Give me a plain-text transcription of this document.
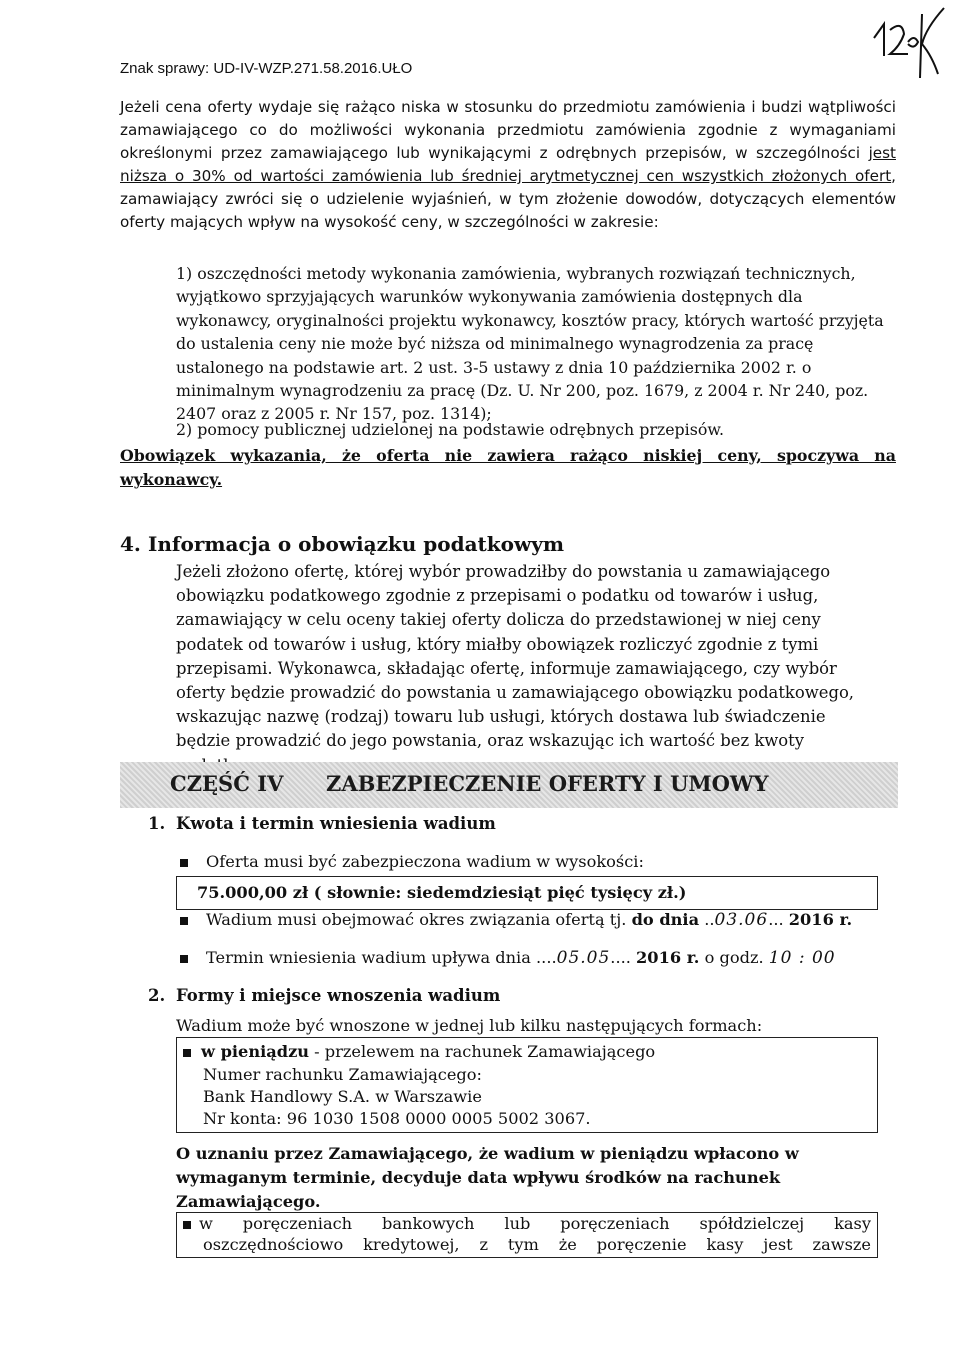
Znak sprawy: UD-IV-WZP.271.58.2016.UŁO
Jeżeli cena oferty wydaje się rażąco niska w stosunku do przedmiotu zamówienia i budzi wątpliwości zamawiającego co do możliwości wykonania przedmiotu zamówienia zgodnie z wymaganiami określonymi przez zamawiającego lub wynikającymi z odrębnych przepisów, w szczególności jest niższa o 30% od wartości zamówienia lub średniej arytmetycznej cen wszystkich złożonych ofert, zamawiający zwróci się o udzielenie wyjaśnień, w tym złożenie dowodów, dotyczących elementów oferty mających wpływ na wysokość ceny, w szczególności w zakresie:
1) oszczędności metody wykonania zamówienia, wybranych rozwiązań technicznych, wyjątkowo sprzyjających warunków wykonywania zamówienia dostępnych dla wykonawcy, oryginalności projektu wykonawcy, kosztów pracy, których wartość przyjęta do ustalenia ceny nie może być niższa od minimalnego wynagrodzenia za pracę ustalonego na podstawie art. 2 ust. 3-5 ustawy z dnia 10 października 2002 r. o minimalnym wynagrodzeniu za pracę (Dz. U. Nr 200, poz. 1679, z 2004 r. Nr 240, poz. 2407 oraz z 2005 r. Nr 157, poz. 1314);
2) pomocy publicznej udzielonej na podstawie odrębnych przepisów.
Obowiązek wykazania, że oferta nie zawiera rażąco niskiej ceny, spoczywa na wykonawcy.
4. Informacja o obowiązku podatkowym
Jeżeli złożono ofertę, której wybór prowadziłby do powstania u zamawiającego obowiązku podatkowego zgodnie z przepisami o podatku od towarów i usług, zamawiający w celu oceny takiej oferty dolicza do przedstawionej w niej ceny podatek od towarów i usług, który miałby obowiązek rozliczyć zgodnie z tymi przepisami. Wykonawca, składając ofertę, informuje zamawiającego, czy wybór oferty będzie prowadzić do powstania u zamawiającego obowiązku podatkowego, wskazując nazwę (rodzaj) towaru lub usługi, których dostawa lub świadczenie będzie prowadzić do jego powstania, oraz wskazując ich wartość bez kwoty
CZĘŚĆ IV ZABEZPIECZENIE OFERTY I UMOWY
1. Kwota i termin wniesienia wadium
Oferta musi być zabezpieczona wadium w wysokości:
75.000,00 zł ( słownie: siedemdziesiąt pięć tysięcy zł.)
Wadium musi obejmować okres związania ofertą tj. do dnia ..03.06... 2016 r.
Termin wniesienia wadium upływa dnia ....05.05.... 2016 r. o godz. 10 : 00
2. Formy i miejsce wnoszenia wadium
Wadium może być wnoszone w jednej lub kilku następujących formach:
w pieniądzu - przelewem na rachunek Zamawiającego
Numer rachunku Zamawiającego:
Bank Handlowy S.A. w Warszawie
Nr konta: 96 1030 1508 0000 0005 5002 3067.
O uznaniu przez Zamawiającego, że wadium w pieniądzu wpłacono w wymaganym terminie, decyduje data wpływu środków na rachunek Zamawiającego.
w poręczeniach bankowych lub poręczeniach spółdzielczej kasy
oszczędnościowo kredytowej, z tym że poręczenie kasy jest zawsze
